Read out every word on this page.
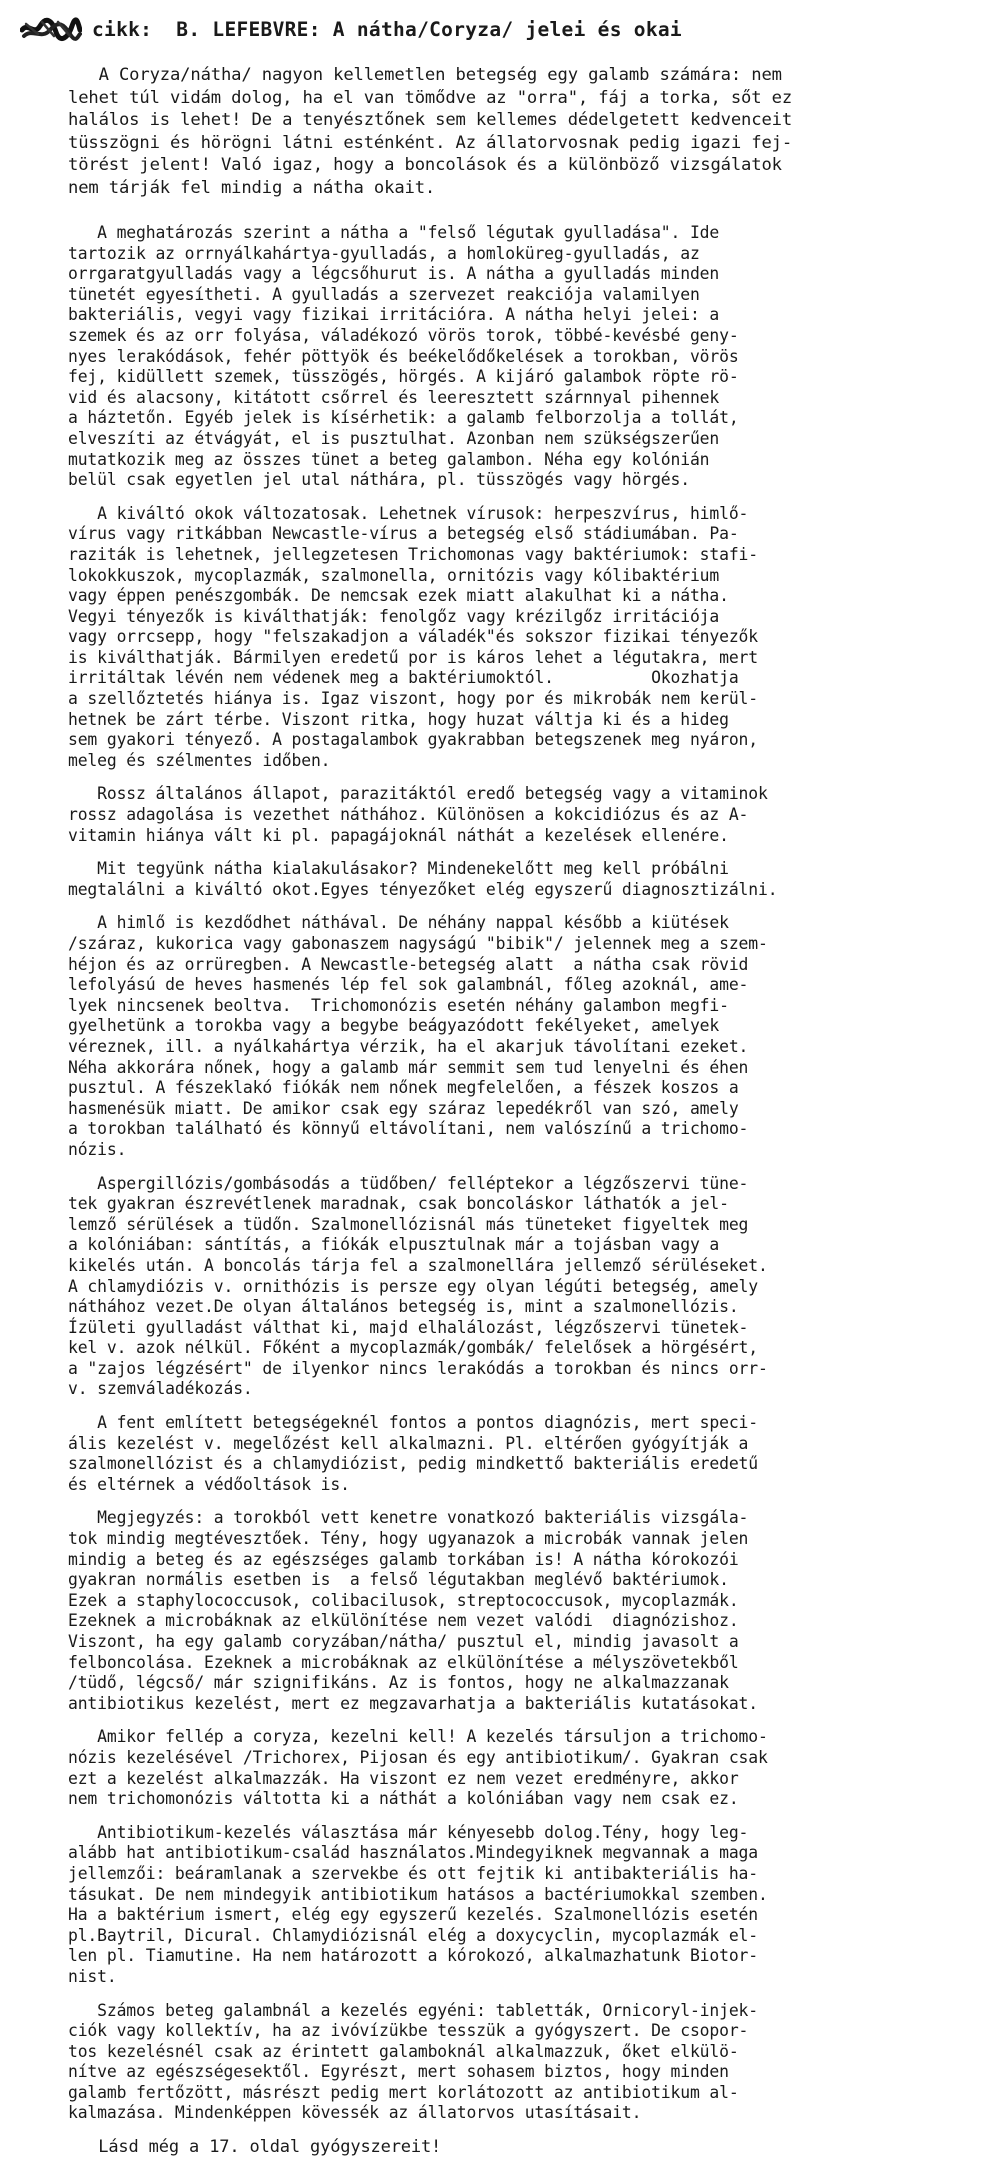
cikk:  B. LEFEBVRE: A nátha/Coryza/ jelei és okai

A Coryza/nátha/ nagyon kellemetlen betegség egy galamb számára: nem
lehet túl vidám dolog, ha el van tömődve az "orra", fáj a torka, sőt ez
halálos is lehet! De a tenyésztőnek sem kellemes dédelgetett kedvenceit
tüsszögni és hörögni látni esténként. Az állatorvosnak pedig igazi fej-
törést jelent! Való igaz, hogy a boncolások és a különböző vizsgálatok
nem tárják fel mindig a nátha okait.

A meghatározás szerint a nátha a "felső légutak gyulladása". Ide
tartozik az orrnyálkahártya-gyulladás, a homloküreg-gyulladás, az
orrgaratgyulladás vagy a légcsőhurut is. A nátha a gyulladás minden
tünetét egyesítheti. A gyulladás a szervezet reakciója valamilyen
bakteriális, vegyi vagy fizikai irritációra. A nátha helyi jelei: a
szemek és az orr folyása, váladékozó vörös torok, többé-kevésbé geny-
nyes lerakódások, fehér pöttyök és beékelődőkelések a torokban, vörös
fej, kidüllett szemek, tüsszögés, hörgés. A kijáró galambok röpte rö-
vid és alacsony, kitátott csőrrel és leeresztett szárnnyal pihennek
a háztetőn. Egyéb jelek is kísérhetik: a galamb felborzolja a tollát,
elveszíti az étvágyát, el is pusztulhat. Azonban nem szükségszerűen
mutatkozik meg az összes tünet a beteg galambon. Néha egy kolónián
belül csak egyetlen jel utal náthára, pl. tüsszögés vagy hörgés.

A kiváltó okok változatosak. Lehetnek vírusok: herpeszvírus, himlő-
vírus vagy ritkábban Newcastle-vírus a betegség első stádiumában. Pa-
raziták is lehetnek, jellegzetesen Trichomonas vagy baktériumok: stafi-
lokokkuszok, mycoplazmák, szalmonella, ornitózis vagy kólibaktérium
vagy éppen penészgombák. De nemcsak ezek miatt alakulhat ki a nátha.
Vegyi tényezők is kiválthatják: fenolgőz vagy krézilgőz irritációja
vagy orrcsepp, hogy "felszakadjon a váladék"és sokszor fizikai tényezők
is kiválthatják. Bármilyen eredetű por is káros lehet a légutakra, mert
irritáltak lévén nem védenek meg a baktériumoktól.          Okozhatja
a szellőztetés hiánya is. Igaz viszont, hogy por és mikrobák nem kerül-
hetnek be zárt térbe. Viszont ritka, hogy huzat váltja ki és a hideg
sem gyakori tényező. A postagalambok gyakrabban betegszenek meg nyáron,
meleg és szélmentes időben.

Rossz általános állapot, parazitáktól eredő betegség vagy a vitaminok
rossz adagolása is vezethet náthához. Különösen a kokcidiózus és az A-
vitamin hiánya vált ki pl. papagájoknál náthát a kezelések ellenére.

Mit tegyünk nátha kialakulásakor? Mindenekelőtt meg kell próbálni
megtalálni a kiváltó okot.Egyes tényezőket elég egyszerű diagnosztizálni.

A himlő is kezdődhet náthával. De néhány nappal később a kiütések
/száraz, kukorica vagy gabonaszem nagyságú "bibik"/ jelennek meg a szem-
héjon és az orrüregben. A Newcastle-betegség alatt  a nátha csak rövid
lefolyású de heves hasmenés lép fel sok galambnál, főleg azoknál, ame-
lyek nincsenek beoltva.  Trichomonózis esetén néhány galambon megfi-
gyelhetünk a torokba vagy a begybe beágyazódott fekélyeket, amelyek
véreznek, ill. a nyálkahártya vérzik, ha el akarjuk távolítani ezeket.
Néha akkorára nőnek, hogy a galamb már semmit sem tud lenyelni és éhen
pusztul. A fészeklakó fiókák nem nőnek megfelelően, a fészek koszos a
hasmenésük miatt. De amikor csak egy száraz lepedékről van szó, amely
a torokban található és könnyű eltávolítani, nem valószínű a trichomo-
nózis.

Aspergillózis/gombásodás a tüdőben/ felléptekor a légzőszervi tüne-
tek gyakran észrevétlenek maradnak, csak boncoláskor láthatók a jel-
lemző sérülések a tüdőn. Szalmonellózisnál más tüneteket figyeltek meg
a kolóniában: sántítás, a fiókák elpusztulnak már a tojásban vagy a
kikelés után. A boncolás tárja fel a szalmonellára jellemző sérüléseket.
A chlamydiózis v. ornithózis is persze egy olyan légúti betegség, amely
náthához vezet.De olyan általános betegség is, mint a szalmonellózis.
Ízületi gyulladást válthat ki, majd elhalálozást, légzőszervi tünetek-
kel v. azok nélkül. Főként a mycoplazmák/gombák/ felelősek a hörgésért,
a "zajos légzésért" de ilyenkor nincs lerakódás a torokban és nincs orr-
v. szemváladékozás.

A fent említett betegségeknél fontos a pontos diagnózis, mert speci-
ális kezelést v. megelőzést kell alkalmazni. Pl. eltérően gyógyítják a
szalmonellózist és a chlamydiózist, pedig mindkettő bakteriális eredetű
és eltérnek a védőoltások is.

Megjegyzés: a torokból vett kenetre vonatkozó bakteriális vizsgála-
tok mindig megtévesztőek. Tény, hogy ugyanazok a microbák vannak jelen
mindig a beteg és az egészséges galamb torkában is! A nátha kórokozói
gyakran normális esetben is  a felső légutakban meglévő baktériumok.
Ezek a staphylococcusok, colibacilusok, streptococcusok, mycoplazmák.
Ezeknek a microbáknak az elkülönítése nem vezet valódi  diagnózishoz.
Viszont, ha egy galamb coryzában/nátha/ pusztul el, mindig javasolt a
felboncolása. Ezeknek a microbáknak az elkülönítése a mélyszövetekből
/tüdő, légcső/ már szignifikáns. Az is fontos, hogy ne alkalmazzanak
antibiotikus kezelést, mert ez megzavarhatja a bakteriális kutatásokat.

Amikor fellép a coryza, kezelni kell! A kezelés társuljon a trichomo-
nózis kezelésével /Trichorex, Pijosan és egy antibiotikum/. Gyakran csak
ezt a kezelést alkalmazzák. Ha viszont ez nem vezet eredményre, akkor
nem trichomonózis váltotta ki a náthát a kolóniában vagy nem csak ez.

Antibiotikum-kezelés választása már kényesebb dolog.Tény, hogy leg-
alább hat antibiotikum-család használatos.Mindegyiknek megvannak a maga
jellemzői: beáramlanak a szervekbe és ott fejtik ki antibakteriális ha-
tásukat. De nem mindegyik antibiotikum hatásos a bactériumokkal szemben.
Ha a baktérium ismert, elég egy egyszerű kezelés. Szalmonellózis esetén
pl.Baytril, Dicural. Chlamydiózisnál elég a doxycyclin, mycoplazmák el-
len pl. Tiamutine. Ha nem határozott a kórokozó, alkalmazhatunk Biotor-
nist.

Számos beteg galambnál a kezelés egyéni: tabletták, Ornicoryl-injek-
ciók vagy kollektív, ha az ivóvízükbe tesszük a gyógyszert. De csopor-
tos kezelésnél csak az érintett galamboknál alkalmazzuk, őket elkülö-
nítve az egészségesektől. Egyrészt, mert sohasem biztos, hogy minden
galamb fertőzött, másrészt pedig mert korlátozott az antibiotikum al-
kalmazása. Mindenképpen kövessék az állatorvos utasításait.

Lásd még a 17. oldal gyógyszereit!
